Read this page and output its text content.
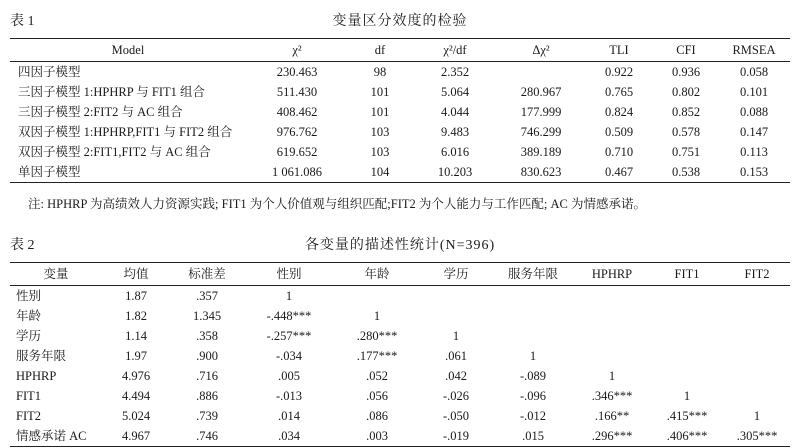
表 1	变量区分效度的检验
Model	χ²	df	χ²/df	Δχ²	TLI	CFI	RMSEA
四因子模型	230.463	98	2.352		0.922	0.936	0.058
三因子模型 1:HPHRP 与 FIT1 组合	511.430	101	5.064	280.967	0.765	0.802	0.101
三因子模型 2:FIT2 与 AC 组合	408.462	101	4.044	177.999	0.824	0.852	0.088
双因子模型 1:HPHRP,FIT1 与 FIT2 组合	976.762	103	9.483	746.299	0.509	0.578	0.147
双因子模型 2:FIT1,FIT2 与 AC 组合	619.652	103	6.016	389.189	0.710	0.751	0.113
单因子模型	1 061.086	104	10.203	830.623	0.467	0.538	0.153
注: HPHRP 为高绩效人力资源实践; FIT1 为个人价值观与组织匹配;FIT2 为个人能力与工作匹配; AC 为情感承诺。
表 2	各变量的描述性统计(N=396)
变量	均值	标准差	性别	年龄	学历	服务年限	HPHRP	FIT1	FIT2
性别	1.87	.357	1						
年龄	1.82	1.345	-.448***	1					
学历	1.14	.358	-.257***	.280***	1				
服务年限	1.97	.900	-.034	.177***	.061	1			
HPHRP	4.976	.716	.005	.052	.042	-.089	1		
FIT1	4.494	.886	-.013	.056	-.026	-.096	.346***	1	
FIT2	5.024	.739	.014	.086	-.050	-.012	.166**	.415***	1
情感承诺 AC	4.967	.746	.034	.003	-.019	.015	.296***	.406***	.305***
